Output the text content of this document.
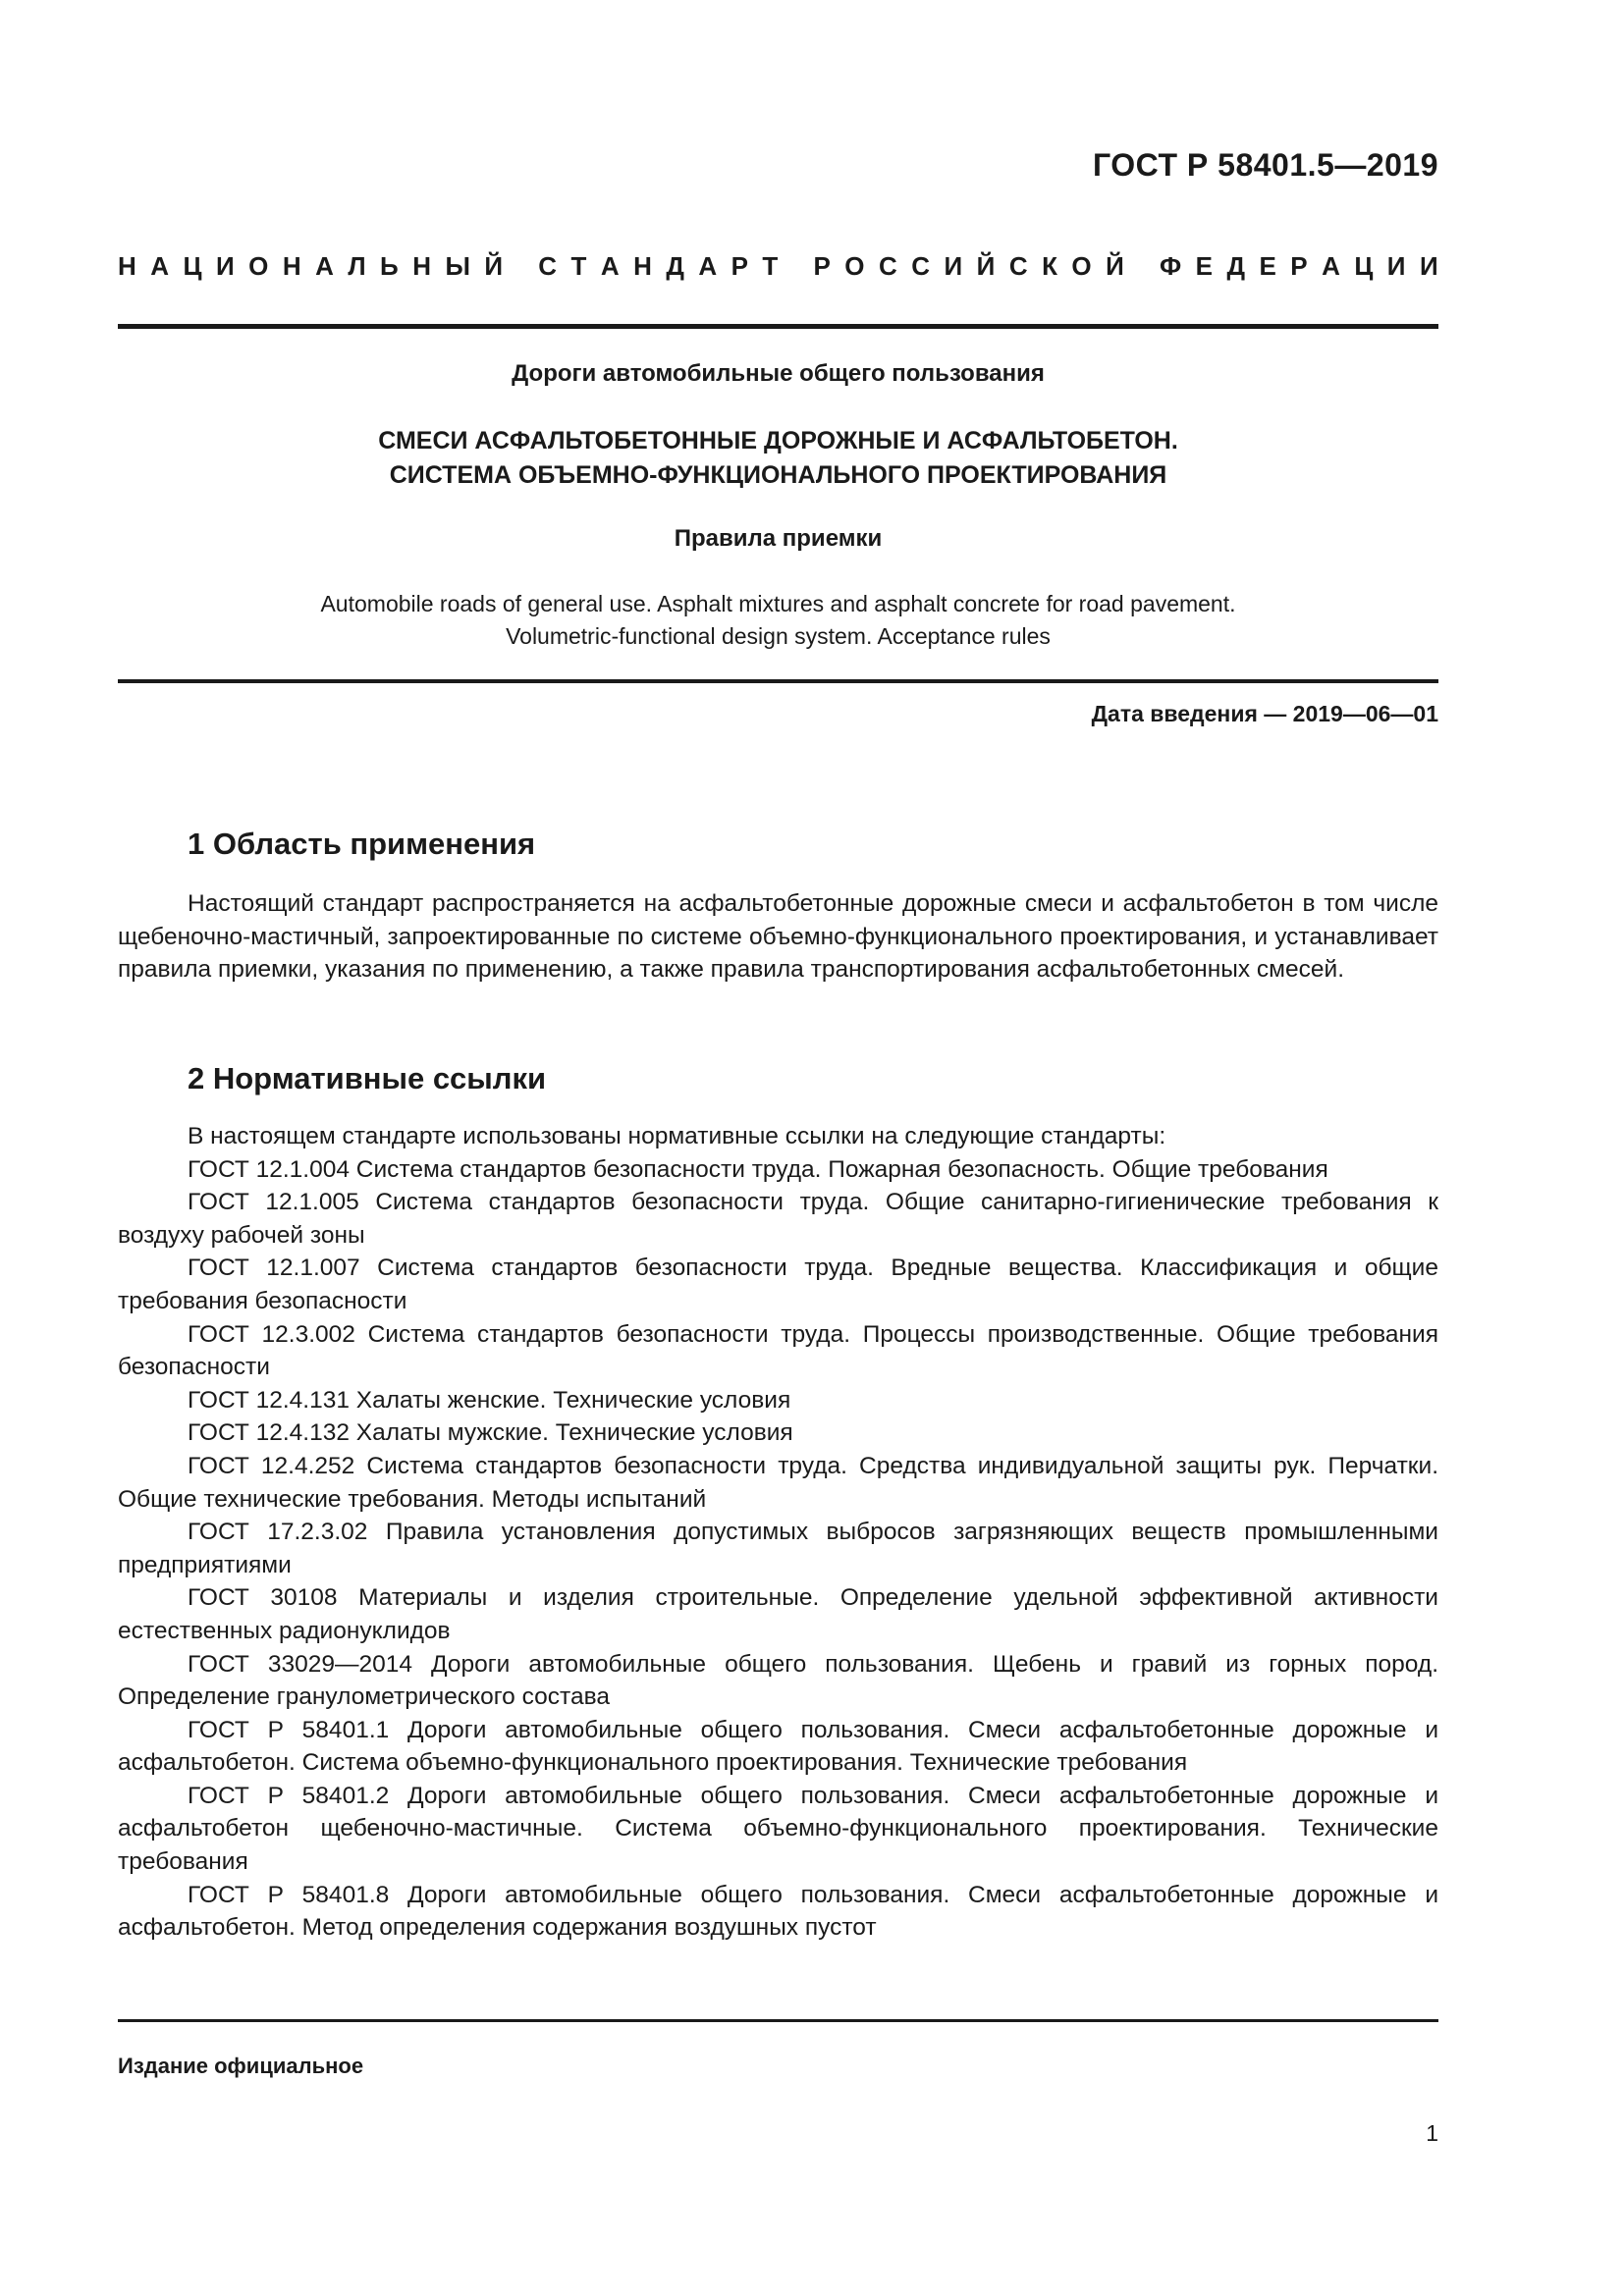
ГОСТ Р 58401.5—2019
Н А Ц И О Н А Л Ь Н Ы Й
С Т А Н Д А Р Т
Р О С С И Й С К О Й
Ф Е Д Е Р А Ц И И
Дороги автомобильные общего пользования
СМЕСИ АСФАЛЬТОБЕТОННЫЕ ДОРОЖНЫЕ И АСФАЛЬТОБЕТОН.
СИСТЕМА ОБЪЕМНО-ФУНКЦИОНАЛЬНОГО ПРОЕКТИРОВАНИЯ
Правила приемки
Automobile roads of general use. Asphalt mixtures and asphalt concrete for road pavement.
Volumetric-functional design system. Acceptance rules
Дата введения — 2019—06—01
1 Область применения

Настоящий стандарт распространяется на асфальтобетонные дорожные смеси и асфальтобетон в том числе щебеночно-мастичный, запроектированные по системе объемно-функционального проектирования, и устанавливает правила приемки, указания по применению, а также правила транспортирования асфальтобетонных смесей.

2 Нормативные ссылки

В настоящем стандарте использованы нормативные ссылки на следующие стандарты:

ГОСТ 12.1.004 Система стандартов безопасности труда. Пожарная безопасность. Общие требования

ГОСТ 12.1.005 Система стандартов безопасности труда. Общие санитарно-гигиенические требования к воздуху рабочей зоны

ГОСТ 12.1.007 Система стандартов безопасности труда. Вредные вещества. Классификация и общие требования безопасности

ГОСТ 12.3.002 Система стандартов безопасности труда. Процессы производственные. Общие требования безопасности

ГОСТ 12.4.131 Халаты женские. Технические условия

ГОСТ 12.4.132 Халаты мужские. Технические условия

ГОСТ 12.4.252 Система стандартов безопасности труда. Средства индивидуальной защиты рук. Перчатки. Общие технические требования. Методы испытаний

ГОСТ 17.2.3.02 Правила установления допустимых выбросов загрязняющих веществ промышленными предприятиями

ГОСТ 30108 Материалы и изделия строительные. Определение удельной эффективной активности естественных радионуклидов

ГОСТ 33029—2014 Дороги автомобильные общего пользования. Щебень и гравий из горных пород. Определение гранулометрического состава

ГОСТ Р 58401.1 Дороги автомобильные общего пользования. Смеси асфальтобетонные дорожные и асфальтобетон. Система объемно-функционального проектирования. Технические требования

ГОСТ Р 58401.2 Дороги автомобильные общего пользования. Смеси асфальтобетонные дорожные и асфальтобетон щебеночно-мастичные. Система объемно-функционального проектирования. Технические требования

ГОСТ Р 58401.8 Дороги автомобильные общего пользования. Смеси асфальтобетонные дорожные и асфальтобетон. Метод определения содержания воздушных пустот

Издание официальное
1
